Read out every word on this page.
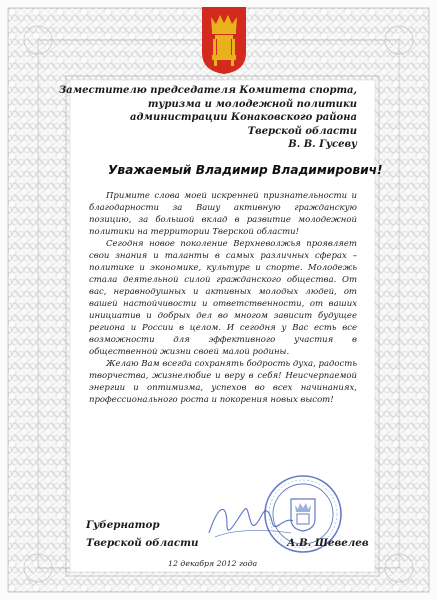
Заместителю председателя Комитета спорта,
туризма и молодежной политики
администрации Конаковского района
Тверской области
В. В. Гусеву
Уважаемый Владимир Владимирович!

Примите слова моей искренней признательности и благодарности за Вашу активную гражданскую позицию, за большой вклад в развитие молодежной политики на территории Тверской области!

Сегодня новое поколение Верхневолжья проявляет свои знания и таланты в самых различных сферах – политике и экономике, культуре и спорте. Молодежь стала деятельной силой гражданского общества. От вас, неравнодушных и активных молодых людей, от вашей настойчивости и ответственности, от ваших инициатив и добрых дел во многом зависит будущее региона и России в целом. И сегодня у Вас есть все возможности для эффективного участия в общественной жизни своей малой родины.

Желаю Вам всегда сохранять бодрость духа, радость творчества, жизнелюбие и веру в себя! Неисчерпаемой энергии и оптимизма, успехов во всех начинаниях, профессионального роста и покорения новых высот!

Губернатор
Тверской области	А.В. Шевелев
12 декабря 2012 года
